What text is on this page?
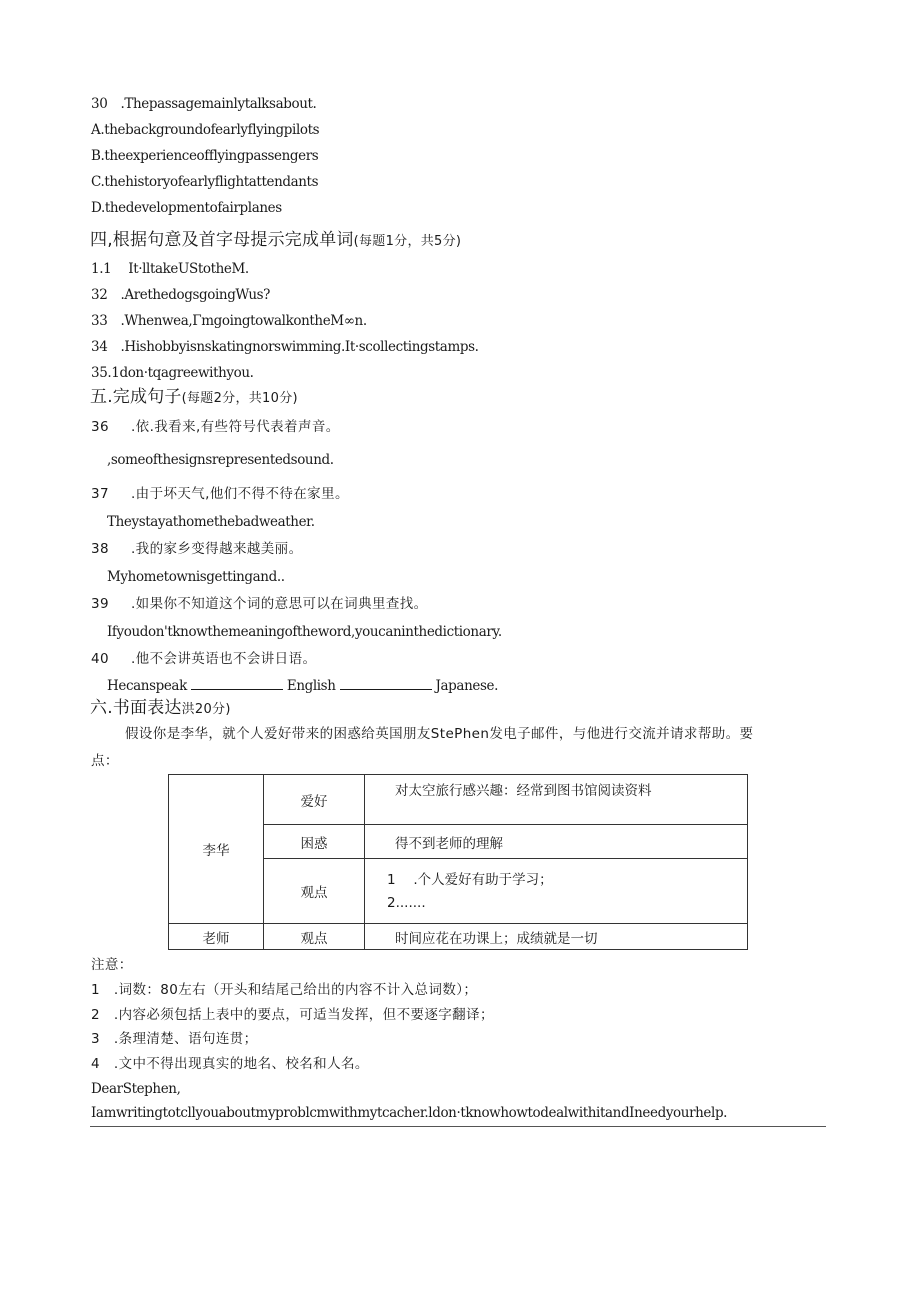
30　.Thepassagemainlytalksabout.
A.thebackgroundofearlyflyingpilots
B.theexperienceofflyingpassengers
C.thehistoryofearlyflightattendants
D.thedevelopmentofairplanes
四,根据句意及首字母提示完成单词(每题1分，共5分)
1.1　 It·lltakeUStotheM.
32　.ArethedogsgoingWus?
33　.Whenwea,ΓmgoingtowalkontheM∞n.
34　.Hishobbyisnskatingnorswimming.It·scollectingstamps.
35.1don·tqagreewithyou.
五.完成句子(每题2分，共10分)
36 .依.我看来,有些符号代表着声音。
,someofthesignsrepresentedsound.
37 .由于坏天气,他们不得不待在家里。
Theystayathomethebadweather.
38 .我的家乡变得越来越美丽。
Myhometownisgettingand..
39 .如果你不知道这个词的意思可以在词典里查找。
Ifyoudon'tknowthemeaningoftheword,youcaninthedictionary.
40 .他不会讲英语也不会讲日语。
Hecanspeak	English	Japanese.
六.书面表达洪20分)
假设你是李华，就个人爱好带来的困惑给英国朋友StePhen发电子邮件，与他进行交流并请求帮助。要
点：
李华	爱好	对太空旅行感兴趣：经常到图书馆阅读资料
	困惑	得不到老师的理解
	观点	1　 .个人爱好有助于学习；
2.......

老师	观点	时间应花在功课上；成绩就是一切
注意：
1　.词数：80左右（开头和结尾己给出的内容不计入总词数）；
2　.内容必须包括上表中的要点，可适当发挥，但不要逐字翻译；
3　.条理清楚、语句连贯；
4　.文中不得出现真实的地名、校名和人名。
DearStephen,
Iamwritingtotcllyouaboutmyproblcmwithmytcacher.ldon·tknowhowtodealwithitandIneedyourhelp.
